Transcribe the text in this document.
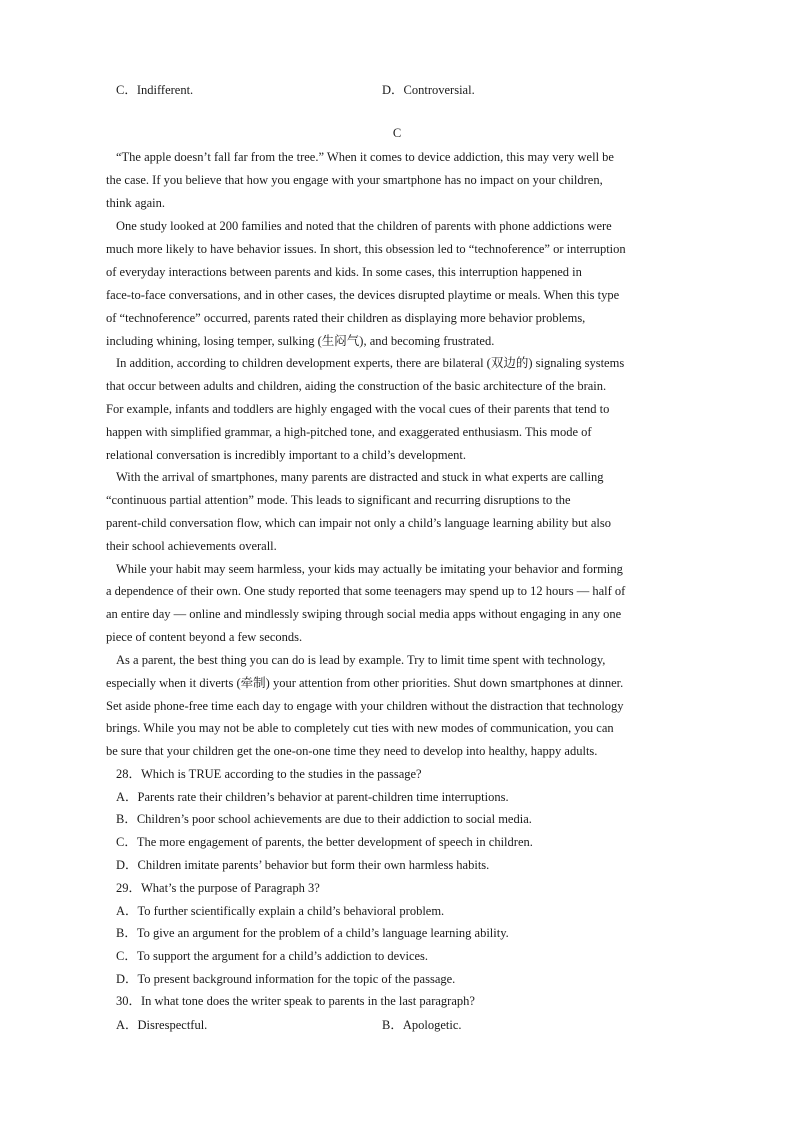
C．Indifferent.	D．Controversial.
C
“The apple doesn’t fall far from the tree.” When it comes to device addiction, this may very well be
the case. If you believe that how you engage with your smartphone has no impact on your children,
think again.
One study looked at 200 families and noted that the children of parents with phone addictions were
much more likely to have behavior issues. In short, this obsession led to “technoference” or interruption
of everyday interactions between parents and kids. In some cases, this interruption happened in
face-to-face conversations, and in other cases, the devices disrupted playtime or meals. When this type
of “technoference” occurred, parents rated their children as displaying more behavior problems,
including whining, losing temper, sulking (生闷气), and becoming frustrated.
In addition, according to children development experts, there are bilateral (双边的) signaling systems
that occur between adults and children, aiding the construction of the basic architecture of the brain.
For example, infants and toddlers are highly engaged with the vocal cues of their parents that tend to
happen with simplified grammar, a high-pitched tone, and exaggerated enthusiasm. This mode of
relational conversation is incredibly important to a child’s development.
With the arrival of smartphones, many parents are distracted and stuck in what experts are calling
“continuous partial attention” mode. This leads to significant and recurring disruptions to the
parent-child conversation flow, which can impair not only a child’s language learning ability but also
their school achievements overall.
While your habit may seem harmless, your kids may actually be imitating your behavior and forming
a dependence of their own. One study reported that some teenagers may spend up to 12 hours — half of
an entire day — online and mindlessly swiping through social media apps without engaging in any one
piece of content beyond a few seconds.
As a parent, the best thing you can do is lead by example. Try to limit time spent with technology,
especially when it diverts (牵制) your attention from other priorities. Shut down smartphones at dinner.
Set aside phone-free time each day to engage with your children without the distraction that technology
brings. While you may not be able to completely cut ties with new modes of communication, you can
be sure that your children get the one-on-one time they need to develop into healthy, happy adults.
28．Which is TRUE according to the studies in the passage?
A．Parents rate their children’s behavior at parent-children time interruptions.
B．Children’s poor school achievements are due to their addiction to social media.
C．The more engagement of parents, the better development of speech in children.
D．Children imitate parents’ behavior but form their own harmless habits.
29．What’s the purpose of Paragraph 3?
A．To further scientifically explain a child’s behavioral problem.
B．To give an argument for the problem of a child’s language learning ability.
C．To support the argument for a child’s addiction to devices.
D．To present background information for the topic of the passage.
30．In what tone does the writer speak to parents in the last paragraph?
A．Disrespectful.	B．Apologetic.
